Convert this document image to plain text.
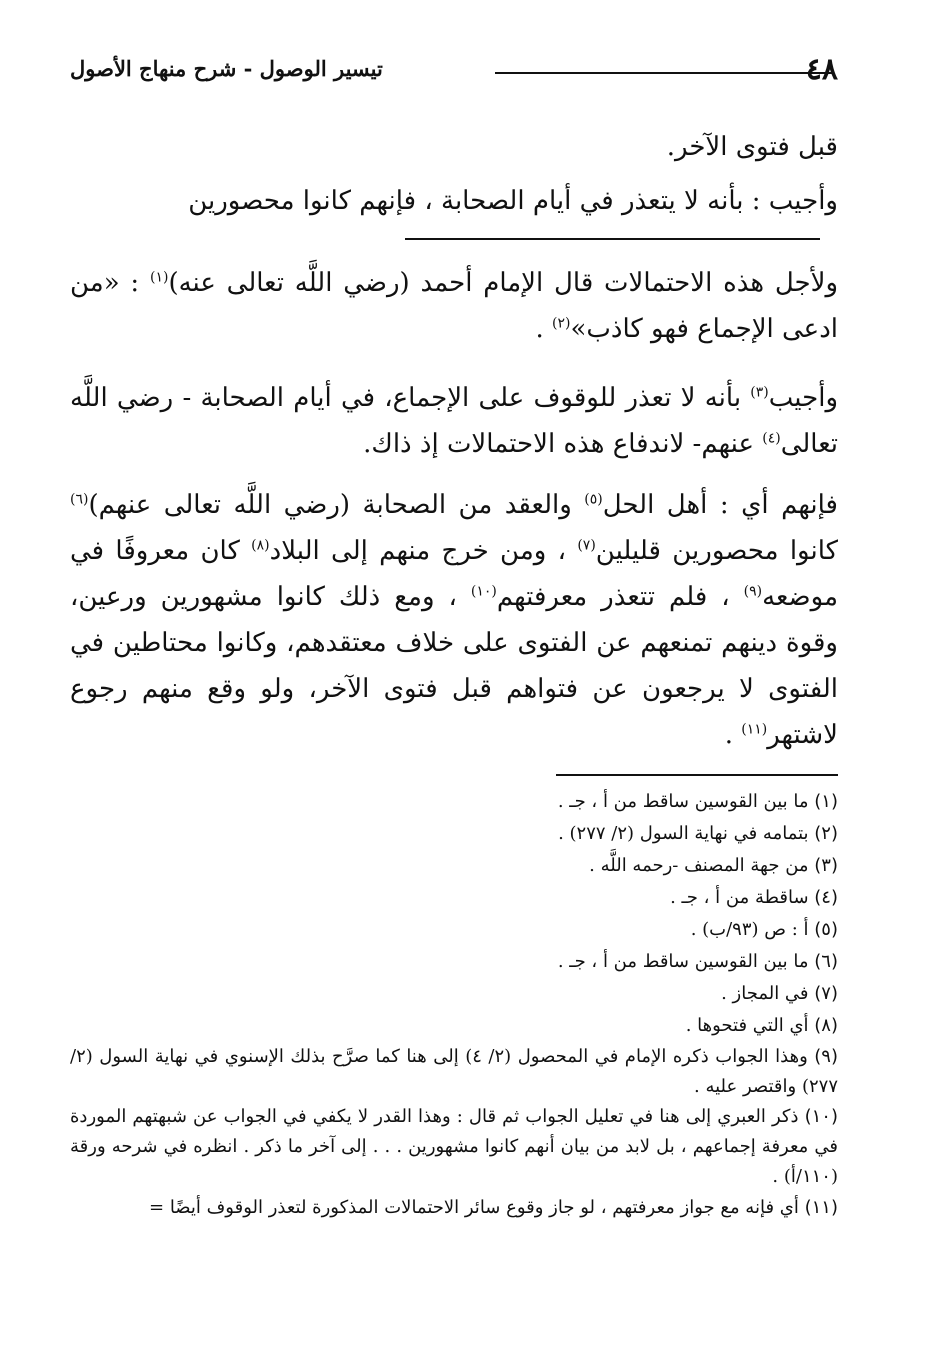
٤٨
تيسير الوصول - شرح منهاج الأصول

قبل فتوى الآخر.

وأجيب : بأنه لا يتعذر في أيام الصحابة ، فإنهم كانوا محصورين

ولأجل هذه الاحتمالات قال الإمام أحمد (رضي اللَّه تعالى عنه)$^{(١)}$ : «من ادعى الإجماع فهو كاذب»$^{(٢)}$ .
وأجيب$^{(٣)}$ بأنه لا تعذر للوقوف على الإجماع، في أيام الصحابة - رضي اللَّه تعالى$^{(٤)}$ عنهم- لاندفاع هذه الاحتمالات إذ ذاك.
فإنهم أي : أهل الحل$^{(٥)}$ والعقد من الصحابة (رضي اللَّه تعالى عنهم)$^{(٦)}$ كانوا محصورين قليلين$^{(٧)}$ ، ومن خرج منهم إلى البلاد$^{(٨)}$ كان معروفًا في موضعه$^{(٩)}$ ، فلم تتعذر معرفتهم$^{(١٠)}$ ، ومع ذلك كانوا مشهورين ورعين، وقوة دينهم تمنعهم عن الفتوى على خلاف معتقدهم، وكانوا محتاطين في الفتوى لا يرجعون عن فتواهم قبل فتوى الآخر، ولو وقع منهم رجوع لاشتهر$^{(١١)}$ .

(١) ما بين القوسين ساقط من أ ، جـ .

(٢) بتمامه في نهاية السول (٢/ ٢٧٧) .

(٣) من جهة المصنف -رحمه اللَّه .

(٤) ساقطة من أ ، جـ .

(٥) أ : ص (٩٣/ب) .

(٦) ما بين القوسين ساقط من أ ، جـ .

(٧) في المجاز .

(٨) أي التي فتحوها .

(٩) وهذا الجواب ذكره الإمام في المحصول (٢/ ٤) إلى هنا كما صرَّح بذلك الإسنوي في نهاية السول (٢/ ٢٧٧) واقتصر عليه .

(١٠) ذكر العبري إلى هنا في تعليل الجواب ثم قال : وهذا القدر لا يكفي في الجواب عن شبهتهم الموردة في معرفة إجماعهم ، بل لابد من بيان أنهم كانوا مشهورين . . . إلى آخر ما ذكر . انظره في شرحه ورقة (١١٠/أ) .

(١١) أي فإنه مع جواز معرفتهم ، لو جاز وقوع سائر الاحتمالات المذكورة لتعذر الوقوف أيضًا =
